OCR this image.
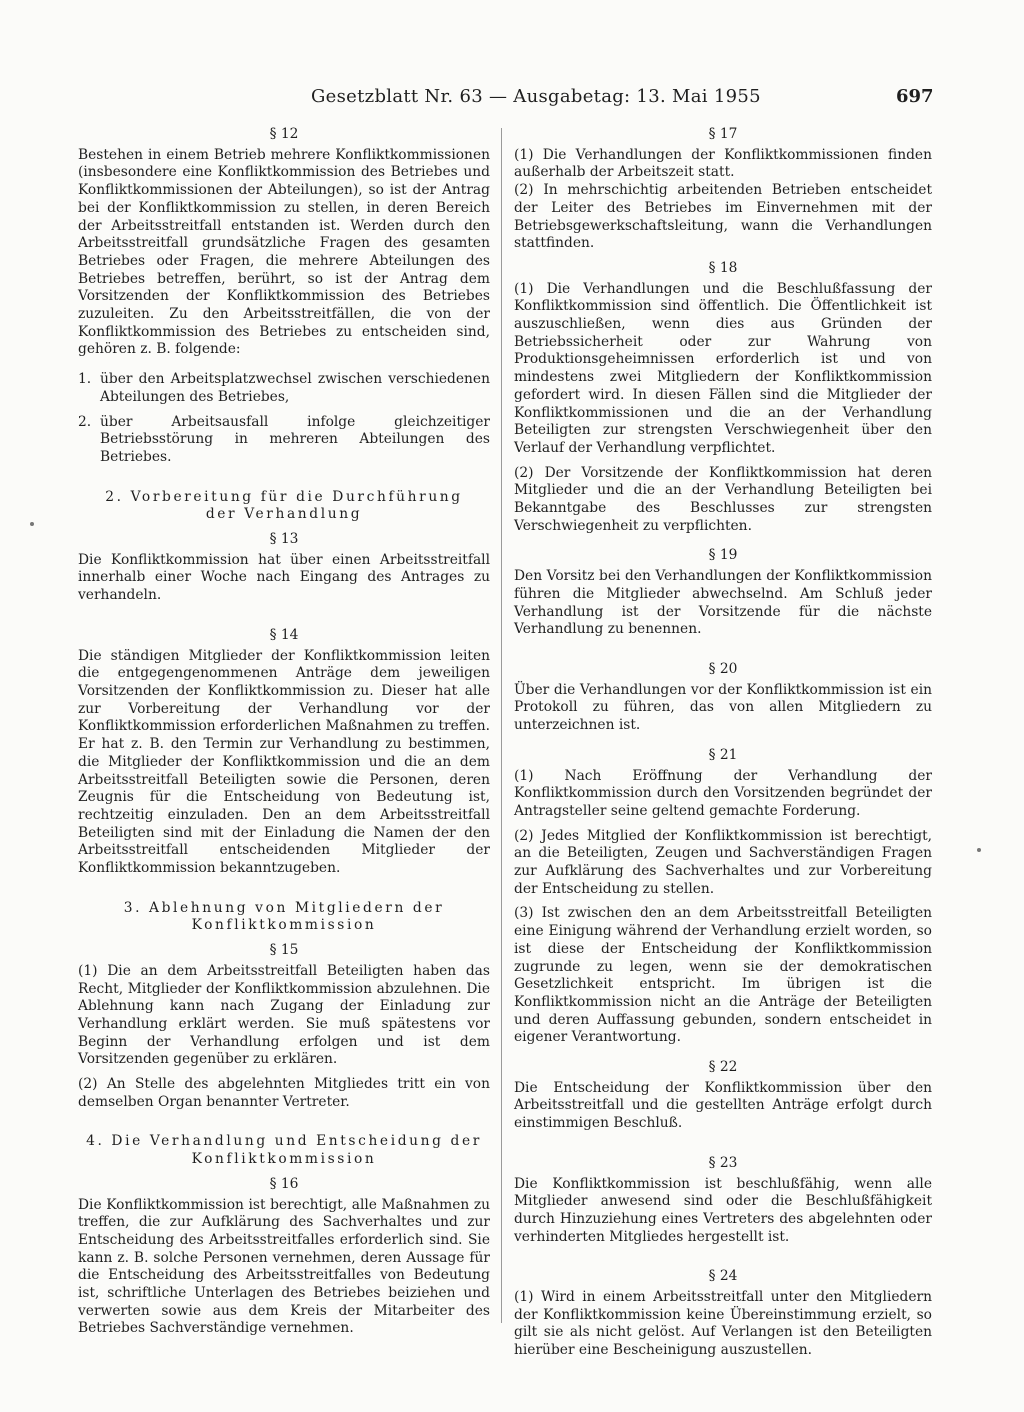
Gesetzblatt Nr. 63 — Ausgabetag: 13. Mai 1955	697
§ 12

Bestehen in einem Betrieb mehrere Konfliktkommissionen (insbesondere eine Konfliktkommission des Betriebes und Konfliktkommissionen der Abteilungen), so ist der Antrag bei der Konfliktkommission zu stellen, in deren Bereich der Arbeitsstreitfall entstanden ist. Werden durch den Arbeitsstreitfall grundsätzliche Fragen des gesamten Betriebes oder Fragen, die mehrere Abteilungen des Betriebes betreffen, berührt, so ist der Antrag dem Vorsitzenden der Konfliktkommission des Betriebes zuzuleiten. Zu den Arbeitsstreitfällen, die von der Konfliktkommission des Betriebes zu entscheiden sind, gehören z. B. folgende:

1. über den Arbeitsplatzwechsel zwischen verschiedenen Abteilungen des Betriebes,
2. über Arbeitsausfall infolge gleichzeitiger Betriebsstörung in mehreren Abteilungen des Betriebes.
2. Vorbereitung für die Durchführung
der Verhandlung
§ 13

Die Konfliktkommission hat über einen Arbeitsstreitfall innerhalb einer Woche nach Eingang des Antrages zu verhandeln.

§ 14

Die ständigen Mitglieder der Konfliktkommission leiten die entgegengenommenen Anträge dem jeweiligen Vorsitzenden der Konfliktkommission zu. Dieser hat alle zur Vorbereitung der Verhandlung vor der Konfliktkommission erforderlichen Maßnahmen zu treffen. Er hat z. B. den Termin zur Verhandlung zu bestimmen, die Mitglieder der Konfliktkommission und die an dem Arbeitsstreitfall Beteiligten sowie die Personen, deren Zeugnis für die Entscheidung von Bedeutung ist, rechtzeitig einzuladen. Den an dem Arbeitsstreitfall Beteiligten sind mit der Einladung die Namen der den Arbeitsstreitfall entscheidenden Mitglieder der Konfliktkommission bekanntzugeben.

3. Ablehnung von Mitgliedern der
Konfliktkommission
§ 15

(1) Die an dem Arbeitsstreitfall Beteiligten haben das Recht, Mitglieder der Konfliktkommission abzulehnen. Die Ablehnung kann nach Zugang der Einladung zur Verhandlung erklärt werden. Sie muß spätestens vor Beginn der Verhandlung erfolgen und ist dem Vorsitzenden gegenüber zu erklären.

(2) An Stelle des abgelehnten Mitgliedes tritt ein von demselben Organ benannter Vertreter.

4. Die Verhandlung und Entscheidung der
Konfliktkommission
§ 16

Die Konfliktkommission ist berechtigt, alle Maßnahmen zu treffen, die zur Aufklärung des Sachverhaltes und zur Entscheidung des Arbeitsstreitfalles erforderlich sind. Sie kann z. B. solche Personen vernehmen, deren Aussage für die Entscheidung des Arbeitsstreitfalles von Bedeutung ist, schriftliche Unterlagen des Betriebes beiziehen und verwerten sowie aus dem Kreis der Mitarbeiter des Betriebes Sachverständige vernehmen.

§ 17

(1) Die Verhandlungen der Konfliktkommissionen finden außerhalb der Arbeitszeit statt.

(2) In mehrschichtig arbeitenden Betrieben entscheidet der Leiter des Betriebes im Einvernehmen mit der Betriebsgewerkschaftsleitung, wann die Verhandlungen stattfinden.

§ 18

(1) Die Verhandlungen und die Beschlußfassung der Konfliktkommission sind öffentlich. Die Öffentlichkeit ist auszuschließen, wenn dies aus Gründen der Betriebssicherheit oder zur Wahrung von Produktionsgeheimnissen erforderlich ist und von mindestens zwei Mitgliedern der Konfliktkommission gefordert wird. In diesen Fällen sind die Mitglieder der Konfliktkommissionen und die an der Verhandlung Beteiligten zur strengsten Verschwiegenheit über den Verlauf der Verhandlung verpflichtet.

(2) Der Vorsitzende der Konfliktkommission hat deren Mitglieder und die an der Verhandlung Beteiligten bei Bekanntgabe des Beschlusses zur strengsten Verschwiegenheit zu verpflichten.

§ 19

Den Vorsitz bei den Verhandlungen der Konfliktkommission führen die Mitglieder abwechselnd. Am Schluß jeder Verhandlung ist der Vorsitzende für die nächste Verhandlung zu benennen.

§ 20

Über die Verhandlungen vor der Konfliktkommission ist ein Protokoll zu führen, das von allen Mitgliedern zu unterzeichnen ist.

§ 21

(1) Nach Eröffnung der Verhandlung der Konfliktkommission durch den Vorsitzenden begründet der Antragsteller seine geltend gemachte Forderung.

(2) Jedes Mitglied der Konfliktkommission ist berechtigt, an die Beteiligten, Zeugen und Sachverständigen Fragen zur Aufklärung des Sachverhaltes und zur Vorbereitung der Entscheidung zu stellen.

(3) Ist zwischen den an dem Arbeitsstreitfall Beteiligten eine Einigung während der Verhandlung erzielt worden, so ist diese der Entscheidung der Konfliktkommission zugrunde zu legen, wenn sie der demokratischen Gesetzlichkeit entspricht. Im übrigen ist die Konfliktkommission nicht an die Anträge der Beteiligten und deren Auffassung gebunden, sondern entscheidet in eigener Verantwortung.

§ 22

Die Entscheidung der Konfliktkommission über den Arbeitsstreitfall und die gestellten Anträge erfolgt durch einstimmigen Beschluß.

§ 23

Die Konfliktkommission ist beschlußfähig, wenn alle Mitglieder anwesend sind oder die Beschlußfähigkeit durch Hinzuziehung eines Vertreters des abgelehnten oder verhinderten Mitgliedes hergestellt ist.

§ 24

(1) Wird in einem Arbeitsstreitfall unter den Mitgliedern der Konfliktkommission keine Übereinstimmung erzielt, so gilt sie als nicht gelöst. Auf Verlangen ist den Beteiligten hierüber eine Bescheinigung auszustellen.
